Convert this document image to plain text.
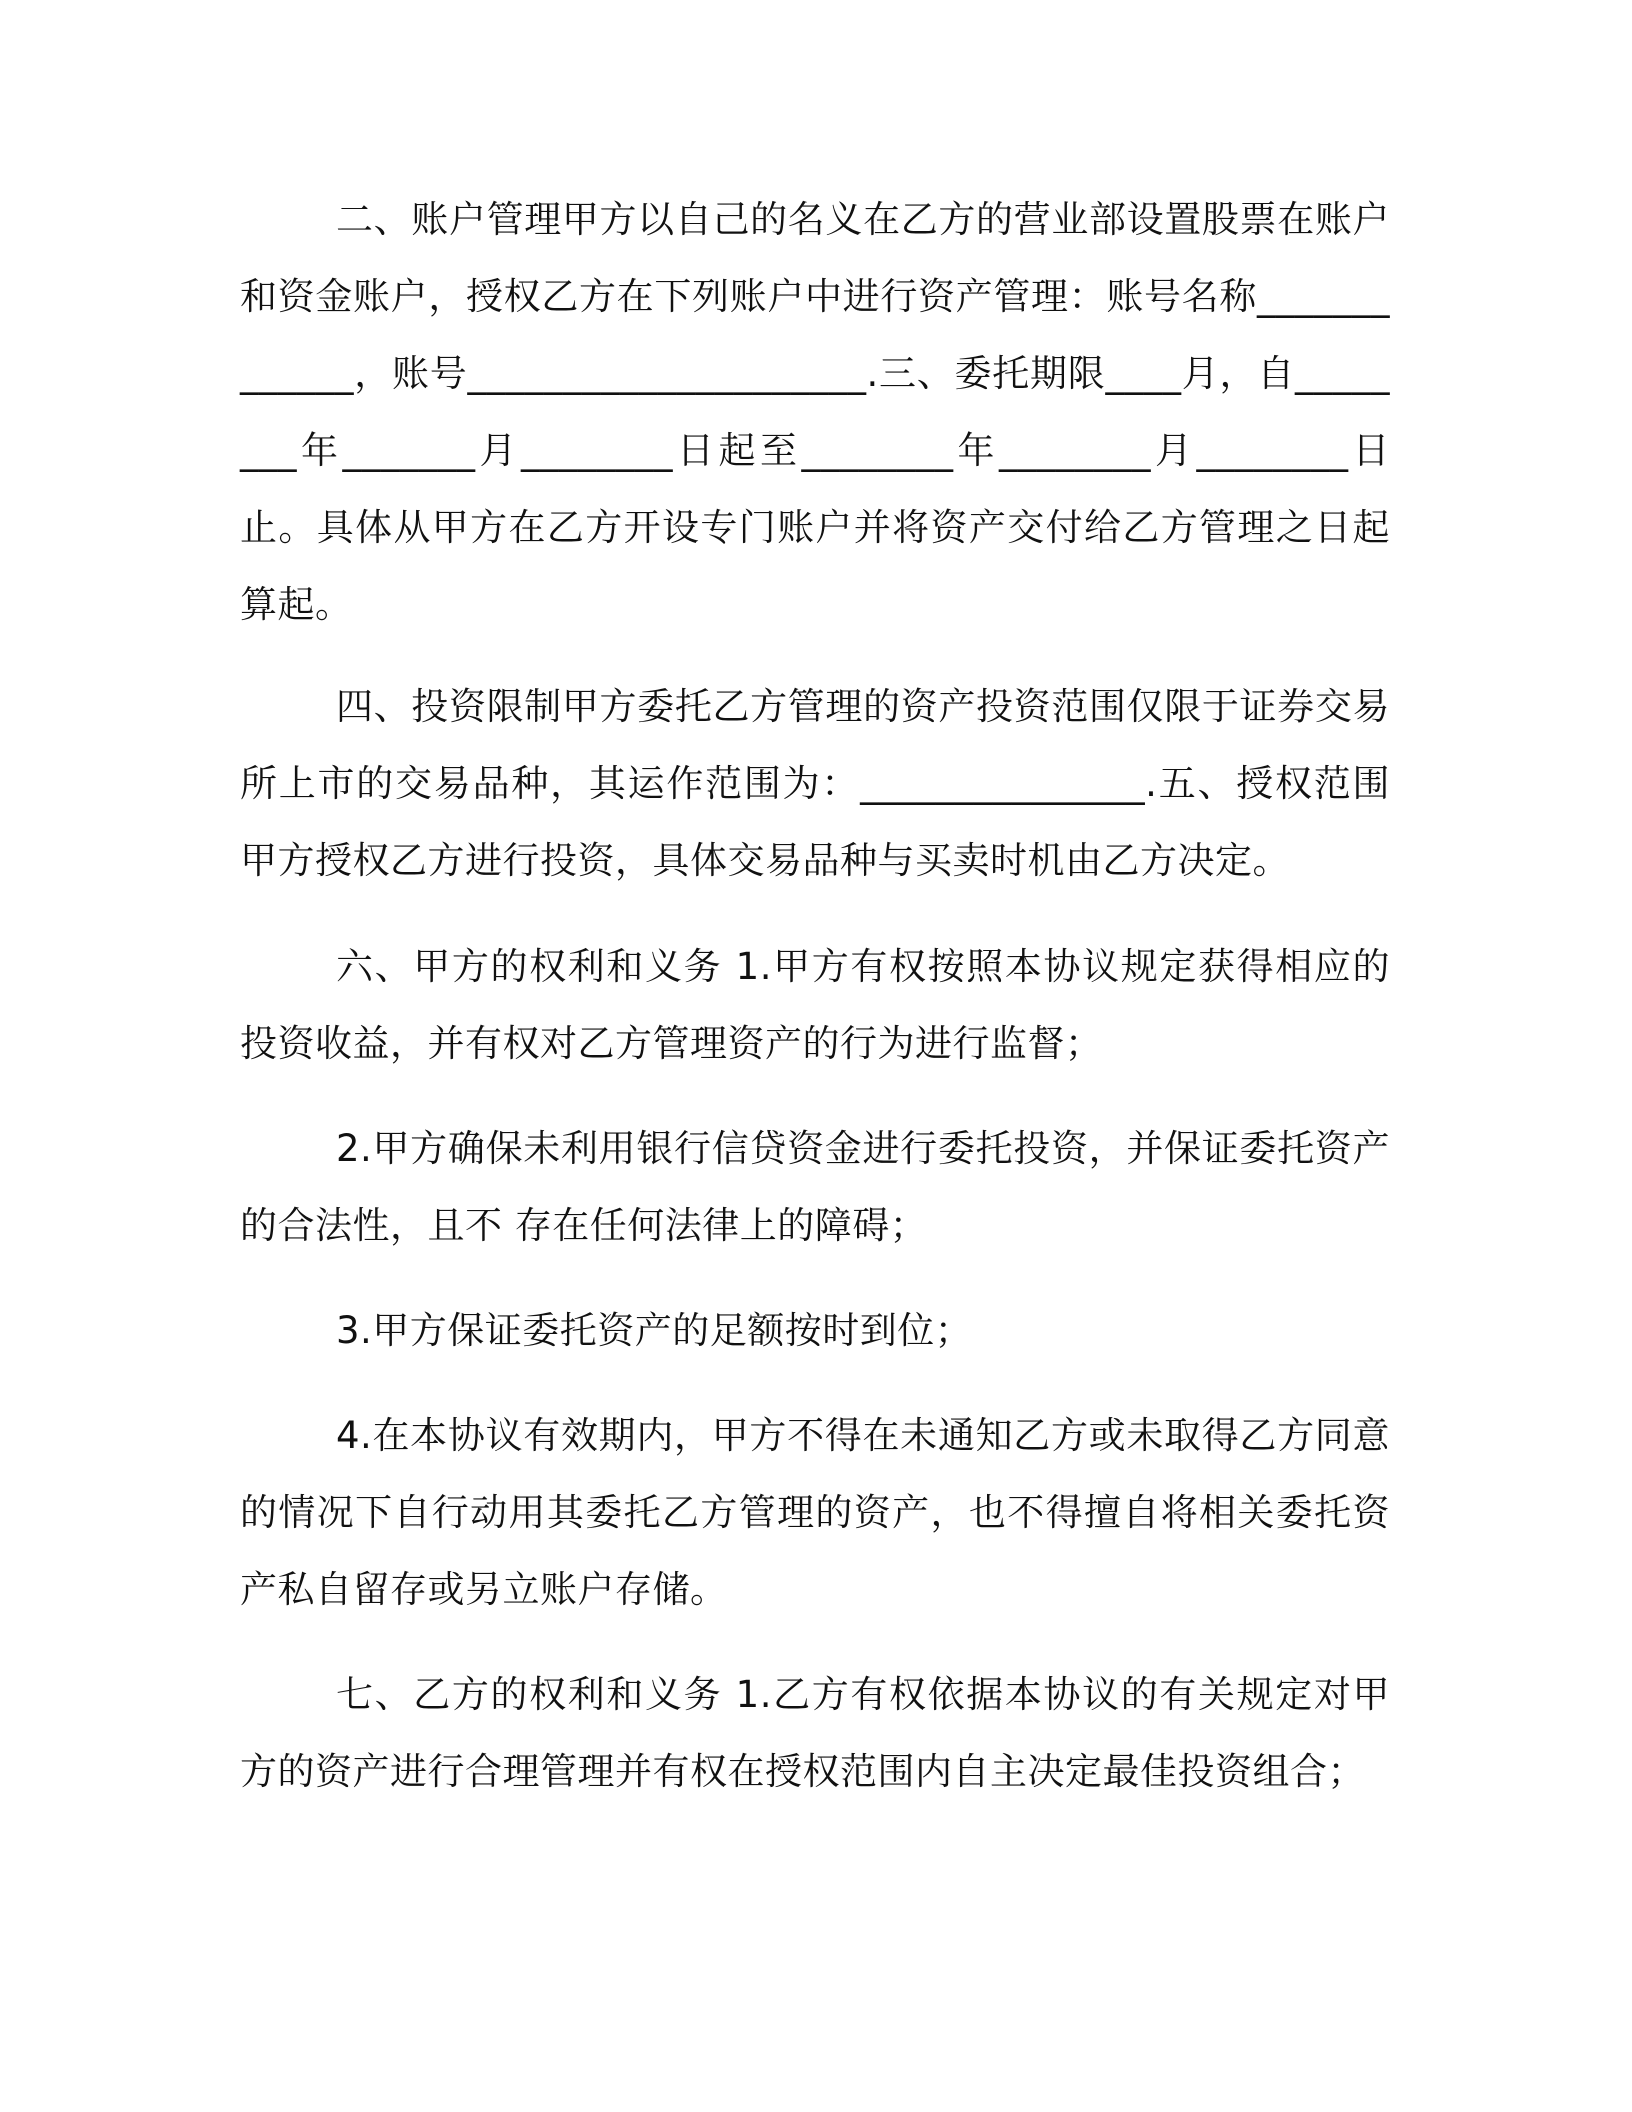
二、账户管理甲方以自己的名义在乙方的营业部设置股票在账户和资金账户，授权乙方在下列账户中进行资产管理：账号名称_____________，账号_____________________.三、委托期限____月，自________年_______月________日起至________年________月________日止。具体从甲方在乙方开设专门账户并将资产交付给乙方管理之日起算起。

四、投资限制甲方委托乙方管理的资产投资范围仅限于证券交易所上市的交易品种，其运作范围为：_______________.五、授权范围甲方授权乙方进行投资，具体交易品种与买卖时机由乙方决定。

六、甲方的权利和义务 1.甲方有权按照本协议规定获得相应的投资收益，并有权对乙方管理资产的行为进行监督；

2.甲方确保未利用银行信贷资金进行委托投资，并保证委托资产的合法性，且不 存在任何法律上的障碍；

3.甲方保证委托资产的足额按时到位；

4.在本协议有效期内，甲方不得在未通知乙方或未取得乙方同意的情况下自行动用其委托乙方管理的资产，也不得擅自将相关委托资产私自留存或另立账户存储。

七、乙方的权利和义务 1.乙方有权依据本协议的有关规定对甲方的资产进行合理管理并有权在授权范围内自主决定最佳投资组合；
